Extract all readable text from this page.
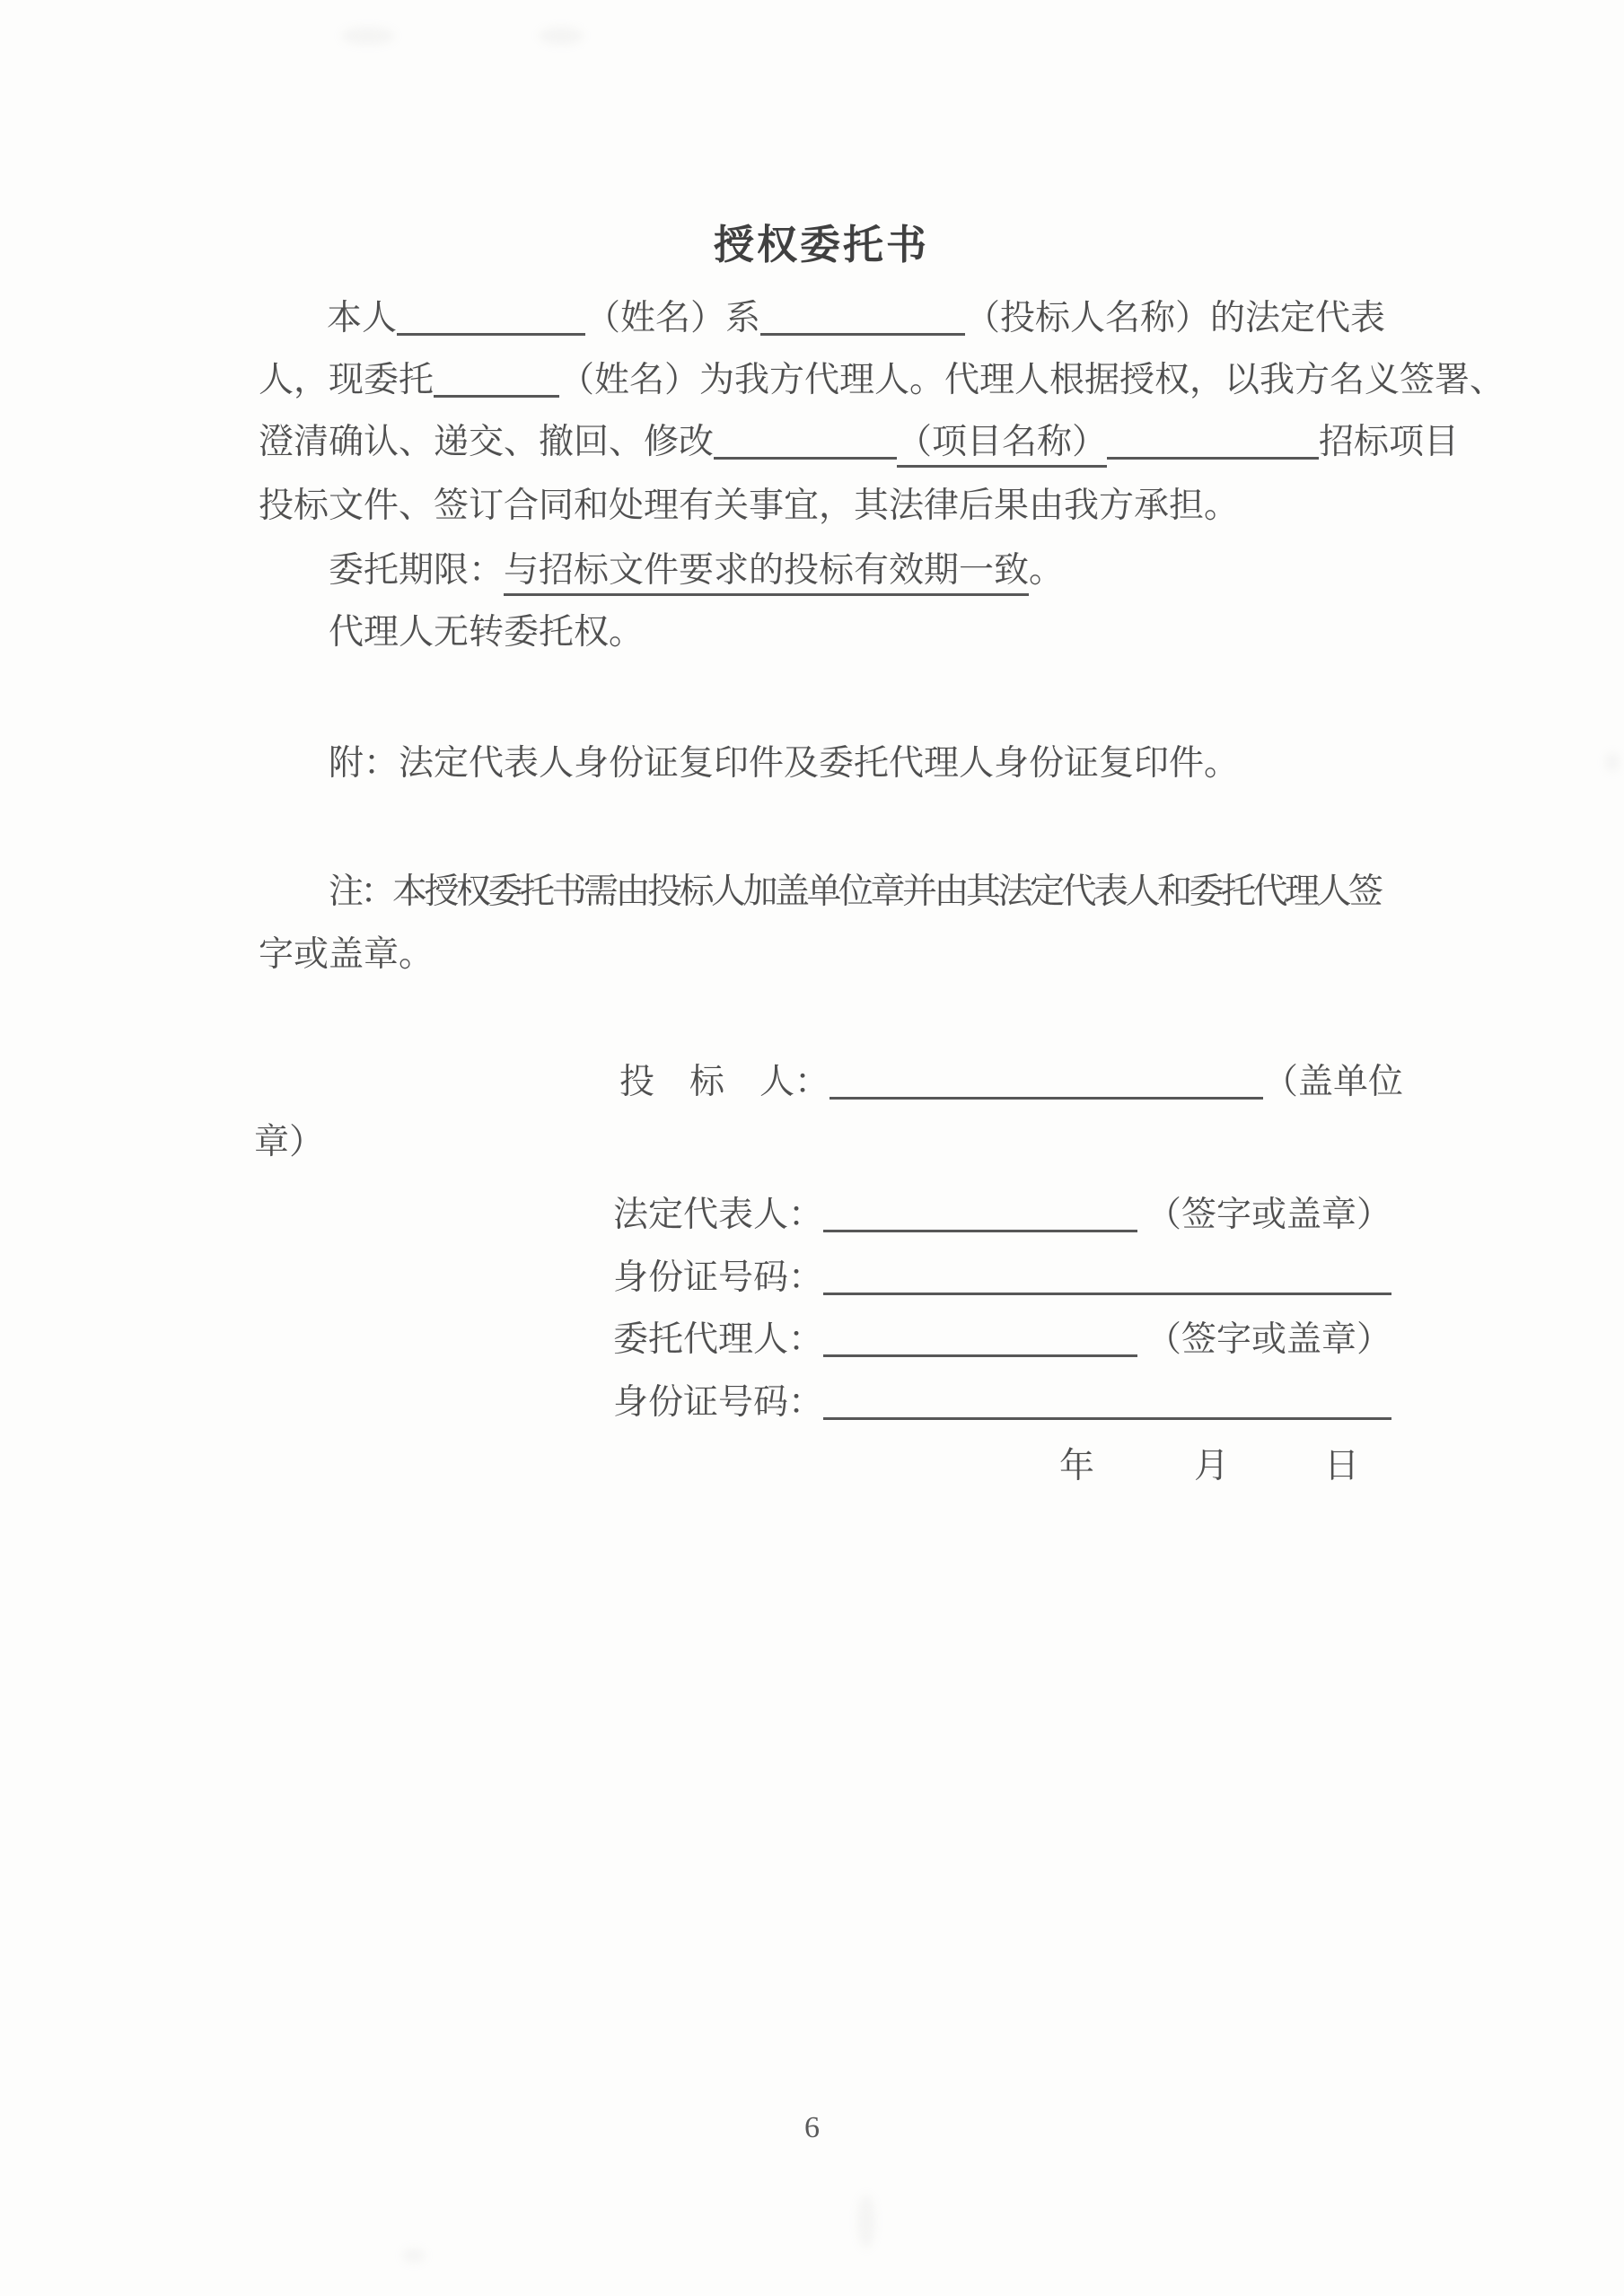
授权委托书
本人	（姓名）系	（投标人名称）的法定代表
人，现委托	（姓名）为我方代理人。代理人根据授权，以我方名义签署、
澄清确认、递交、撤回、修改	（项目名称）	招标项目
投标文件、签订合同和处理有关事宜，其法律后果由我方承担。
委托期限：与招标文件要求的投标有效期一致。
代理人无转委托权。
附：法定代表人身份证复印件及委托代理人身份证复印件。
注：本授权委托书需由投标人加盖单位章并由其法定代表人和委托代理人签
字或盖章。
投　标　人：	（盖单位
章）
法定代表人：	（签字或盖章）
身份证号码：
委托代理人：	（签字或盖章）
身份证号码：
年	月	日
6
